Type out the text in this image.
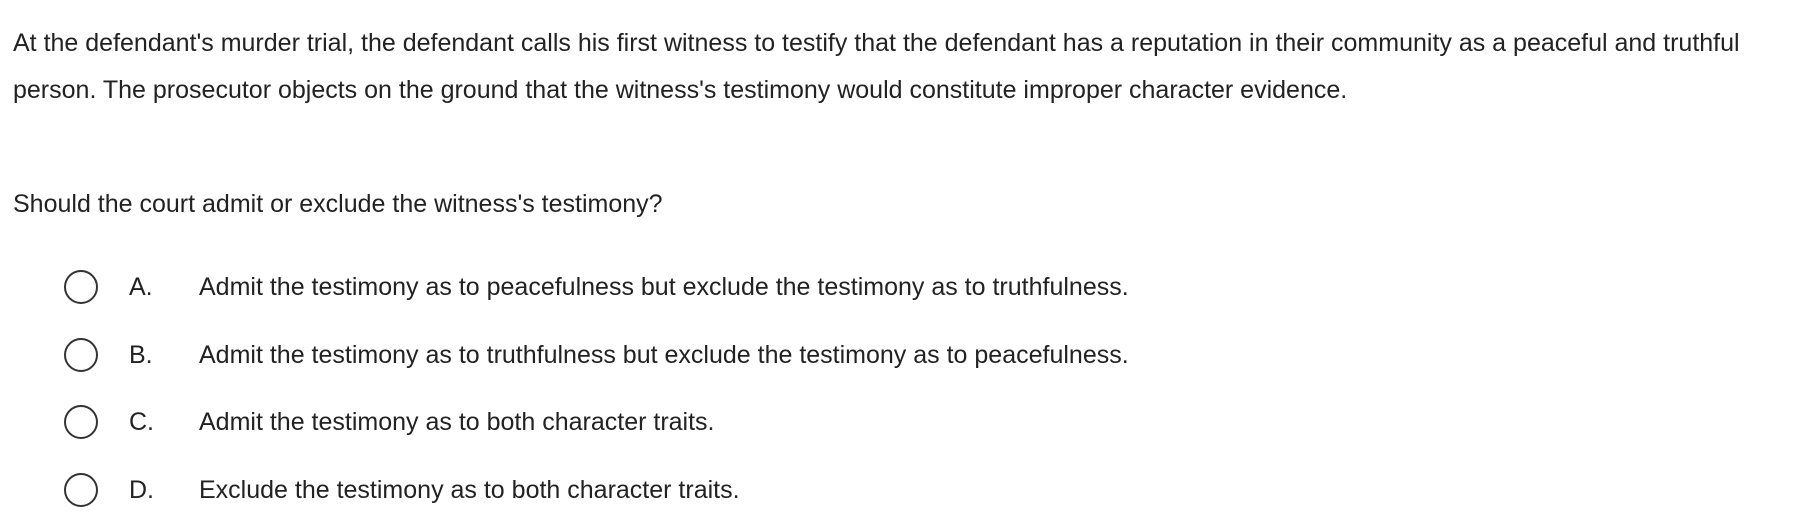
At the defendant's murder trial, the defendant calls his first witness to testify that the defendant has a reputation in their community as a peaceful and truthful person. The prosecutor objects on the ground that the witness's testimony would constitute improper character evidence.

Should the court admit or exclude the witness's testimony?

A. Admit the testimony as to peacefulness but exclude the testimony as to truthfulness.
B. Admit the testimony as to truthfulness but exclude the testimony as to peacefulness.
C. Admit the testimony as to both character traits.
D. Exclude the testimony as to both character traits.
